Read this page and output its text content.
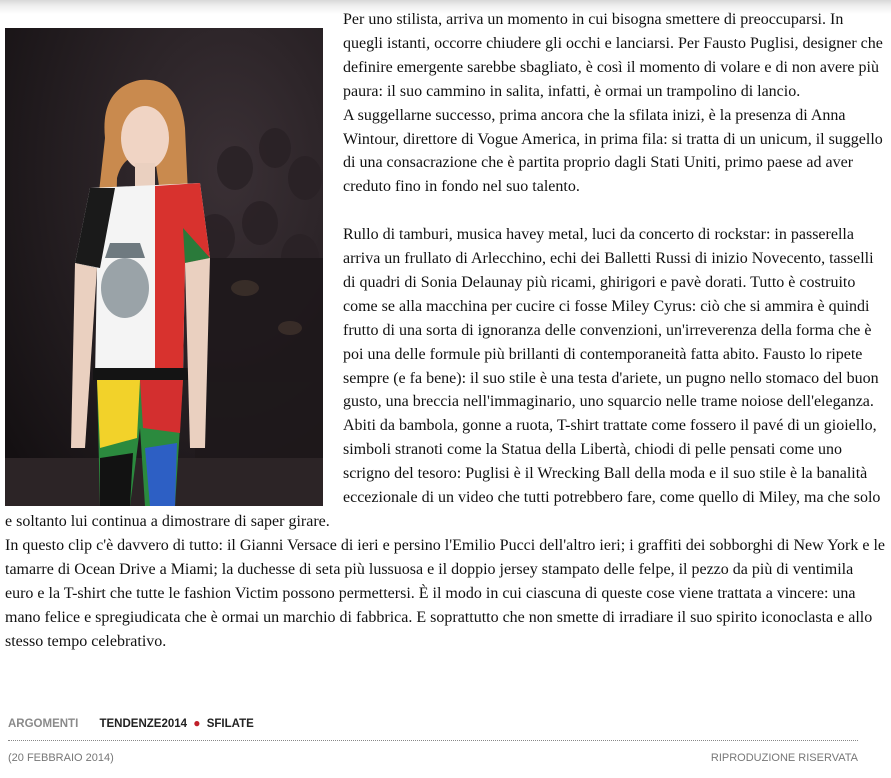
Per uno stilista, arriva un momento in cui bisogna smettere di preoccuparsi. In quegli istanti, occorre chiudere gli occhi e lanciarsi. Per Fausto Puglisi, designer che definire emergente sarebbe sbagliato, è così il momento di volare e di non avere più paura: il suo cammino in salita, infatti, è ormai un trampolino di lancio.

A suggellarne successo, prima ancora che la sfilata inizi, è la presenza di Anna Wintour, direttore di Vogue America, in prima fila: si tratta di un unicum, il suggello di una consacrazione che è partita proprio dagli Stati Uniti, primo paese ad aver creduto fino in fondo nel suo talento.

Rullo di tamburi, musica havey metal, luci da concerto di rockstar: in passerella arriva un frullato di Arlecchino, echi dei Balletti Russi di inizio Novecento, tasselli di quadri di Sonia Delaunay più ricami, ghirigori e pavè dorati. Tutto è costruito come se alla macchina per cucire ci fosse Miley Cyrus: ciò che si ammira è quindi frutto di una sorta di ignoranza delle convenzioni, un'irreverenza della forma che è poi una delle formule più brillanti di contemporaneità fatta abito. Fausto lo ripete sempre (e fa bene): il suo stile è una testa d'ariete, un pugno nello stomaco del buon gusto, una breccia nell'immaginario, uno squarcio nelle trame noiose dell'eleganza.

Abiti da bambola, gonne a ruota, T-shirt trattate come fossero il pavé di un gioiello, simboli stranoti come la Statua della Libertà, chiodi di pelle pensati come uno scrigno del tesoro: Puglisi è il Wrecking Ball della moda e il suo stile è la banalità eccezionale di un video che tutti potrebbero fare, come quello di Miley, ma che solo e soltanto lui continua a dimostrare di saper girare.

In questo clip c'è davvero di tutto: il Gianni Versace di ieri e persino l'Emilio Pucci dell'altro ieri; i graffiti dei sobborghi di New York e le tamarre di Ocean Drive a Miami; la duchesse di seta più lussuosa e il doppio jersey stampato delle felpe, il pezzo da più di ventimila euro e la T-shirt che tutte le fashion Victim possono permettersi. È il modo in cui ciascuna di queste cose viene trattata a vincere: una mano felice e spregiudicata che è ormai un marchio di fabbrica. E soprattutto che non smette di irradiare il suo spirito iconoclasta e allo stesso tempo celebrativo.

ARGOMENTI TENDENZE2014 ● SFILATE
(20 FEBBRAIO 2014)	RIPRODUZIONE RISERVATA
